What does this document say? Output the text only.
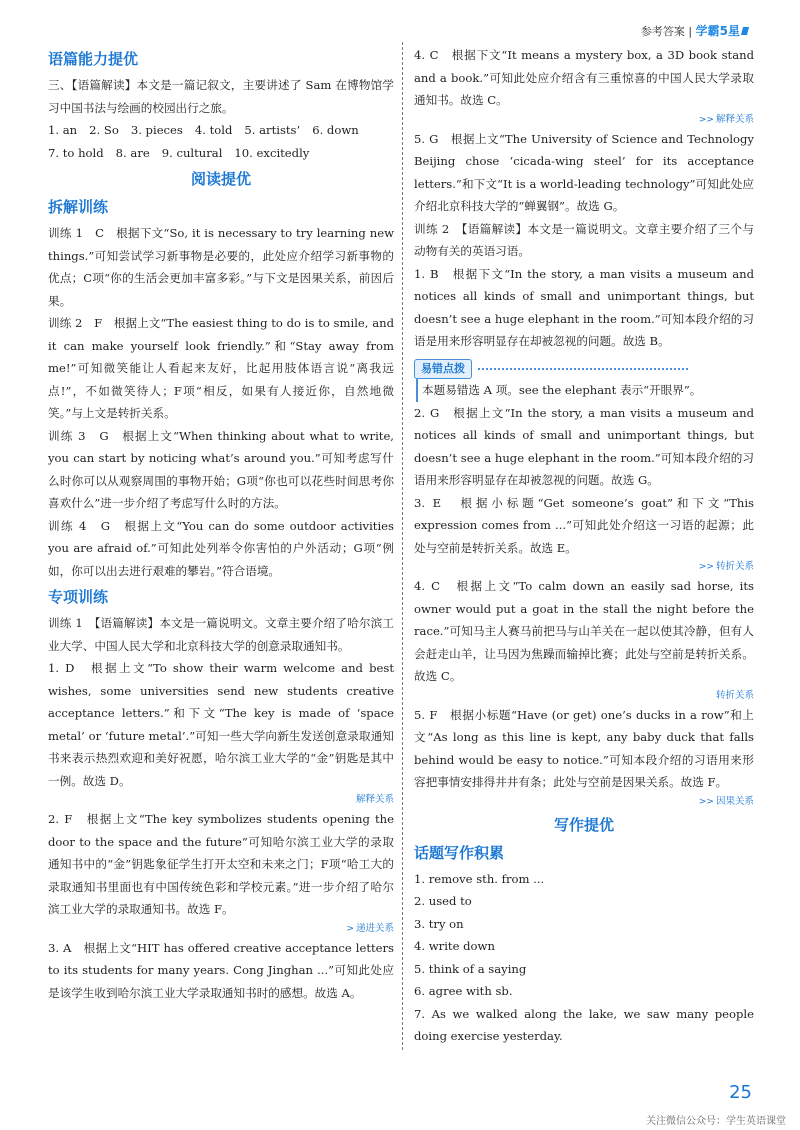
参考答案 | 学霸5星
语篇能力提优

三、【语篇解读】本文是一篇记叙文，主要讲述了 Sam 在博物馆学习中国书法与绘画的校园出行之旅。

1. an 2. So 3. pieces 4. told 5. artists’ 6. down
7. to hold 8. are 9. cultural 10. excitedly
阅读提优
拆解训练

训练 1　C　根据下文“So, it is necessary to try learning new things.”可知尝试学习新事物是必要的，此处应介绍学习新事物的优点；C项“你的生活会更加丰富多彩。”与下文是因果关系，前因后果。

训练 2　F　根据上文“The easiest thing to do is to smile, and it can make yourself look friendly.”和“Stay away from me!”可知微笑能让人看起来友好，比起用肢体语言说“离我远点!”，不如微笑待人；F项“相反，如果有人接近你，自然地微笑。”与上文是转折关系。

训练 3　G　根据上文“When thinking about what to write, you can start by noticing what’s around you.”可知考虑写什么时你可以从观察周围的事物开始；G项“你也可以花些时间思考你喜欢什么”进一步介绍了考虑写什么时的方法。

训练 4　G　根据上文“You can do some outdoor activities you are afraid of.”可知此处列举令你害怕的户外活动；G项“例如，你可以出去进行艰难的攀岩。”符合语境。

专项训练

训练 1　【语篇解读】本文是一篇说明文。文章主要介绍了哈尔滨工业大学、中国人民大学和北京科技大学的创意录取通知书。

1. D　根据上文“To show their warm welcome and best wishes, some universities send new students creative acceptance letters.”和下文“The key is made of ‘space metal’ or ‘future metal’.”可知一些大学向新生发送创意录取通知书来表示热烈欢迎和美好祝愿，哈尔滨工业大学的“金”钥匙是其中一例。故选 D。

解释关系

2. F　根据上文“The key symbolizes students opening the door to the space and the future”可知哈尔滨工业大学的录取通知书中的“金”钥匙象征学生打开太空和未来之门；F项“哈工大的录取通知书里面也有中国传统色彩和学校元素。”进一步介绍了哈尔滨工业大学的录取通知书。故选 F。

> 递进关系

3. A　根据上文“HIT has offered creative acceptance letters to its students for many years. Cong Jinghan ...”可知此处应是该学生收到哈尔滨工业大学录取通知书时的感想。故选 A。

4. C　根据下文“It means a mystery box, a 3D book stand and a book.”可知此处应介绍含有三重惊喜的中国人民大学录取通知书。故选 C。

>> 解释关系

5. G　根据上文“The University of Science and Technology Beijing chose ‘cicada-wing steel’ for its acceptance letters.”和下文“It is a world-leading technology”可知此处应介绍北京科技大学的“蝉翼钢”。故选 G。

训练 2　【语篇解读】本文是一篇说明文。文章主要介绍了三个与动物有关的英语习语。

1. B　根据下文“In the story, a man visits a museum and notices all kinds of small and unimportant things, but doesn’t see a huge elephant in the room.”可知本段介绍的习语是用来形容明显存在却被忽视的问题。故选 B。

易错点拨

本题易错选 A 项。see the elephant 表示“开眼界”。

2. G　根据上文“In the story, a man visits a museum and notices all kinds of small and unimportant things, but doesn’t see a huge elephant in the room.”可知本段介绍的习语用来形容明显存在却被忽视的问题。故选 G。

3. E　根据小标题“Get someone’s goat”和下文“This expression comes from ...”可知此处介绍这一习语的起源；此处与空前是转折关系。故选 E。

>> 转折关系

4. C　根据上文“To calm down an easily sad horse, its owner would put a goat in the stall the night before the race.”可知马主人赛马前把马与山羊关在一起以使其冷静，但有人会赶走山羊，让马因为焦躁而输掉比赛；此处与空前是转折关系。故选 C。

转折关系

5. F　根据小标题“Have (or get) one’s ducks in a row”和上文“As long as this line is kept, any baby duck that falls behind would be easy to notice.”可知本段介绍的习语用来形容把事情安排得井井有条；此处与空前是因果关系。故选 F。

>> 因果关系
写作提优
话题写作积累

1. remove sth. from ...

2. used to

3. try on

4. write down

5. think of a saying

6. agree with sb.

7. As we walked along the lake, we saw many people doing exercise yesterday.

25
关注微信公众号：学生英语课堂
